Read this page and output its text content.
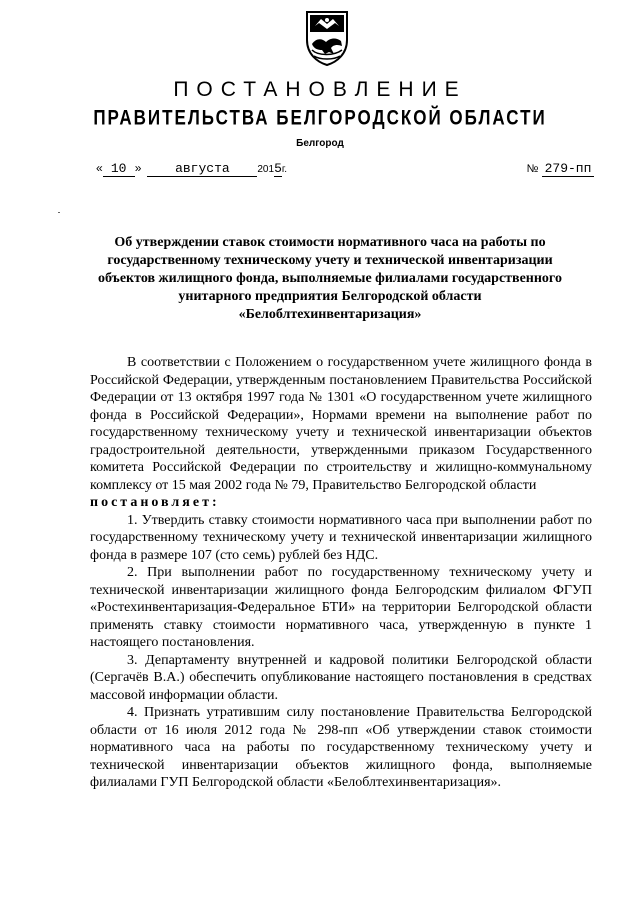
ПОСТАНОВЛЕНИЕ
ПРАВИТЕЛЬСТВА БЕЛГОРОДСКОЙ ОБЛАСТИ
Белгород
« 10 »	августа	2015г.	№ 279-пп
Об утверждении ставок стоимости нормативного часа на работы по
государственному техническому учету и технической инвентаризации
объектов жилищного фонда, выполняемые филиалами государственного
унитарного предприятия Белгородской области
«Белоблтехинвентаризация»

В соответствии с Положением о государственном учете жилищного фонда в Российской Федерации, утвержденным постановлением Правительства Российской Федерации от 13 октября 1997 года № 1301 «О государственном учете жилищного фонда в Российской Федерации», Нормами времени на выполнение работ по государственному техническому учету и технической инвентаризации объектов градостроительной деятельности, утвержденными приказом Государственного комитета Российской Федерации по строительству и жилищно-коммунальному комплексу от 15 мая 2002 года № 79, Правительство Белгородской области

постановляет:

1. Утвердить ставку стоимости нормативного часа при выполнении работ по государственному техническому учету и технической инвентаризации жилищного фонда в размере 107 (сто семь) рублей без НДС.

2. При выполнении работ по государственному техническому учету и технической инвентаризации жилищного фонда Белгородским филиалом ФГУП «Ростехинвентаризация-Федеральное БТИ» на территории Белгородской области применять ставку стоимости нормативного часа, утвержденную в пункте 1 настоящего постановления.

3. Департаменту внутренней и кадровой политики Белгородской области (Сергачёв В.А.) обеспечить опубликование настоящего постановления в средствах массовой информации области.

4. Признать утратившим силу постановление Правительства Белгородской области от 16 июля 2012 года № 298-пп «Об утверждении ставок стоимости нормативного часа на работы по государственному техническому учету и технической инвентаризации объектов жилищного фонда, выполняемые филиалами ГУП Белгородской области «Белоблтехинвентаризация».
